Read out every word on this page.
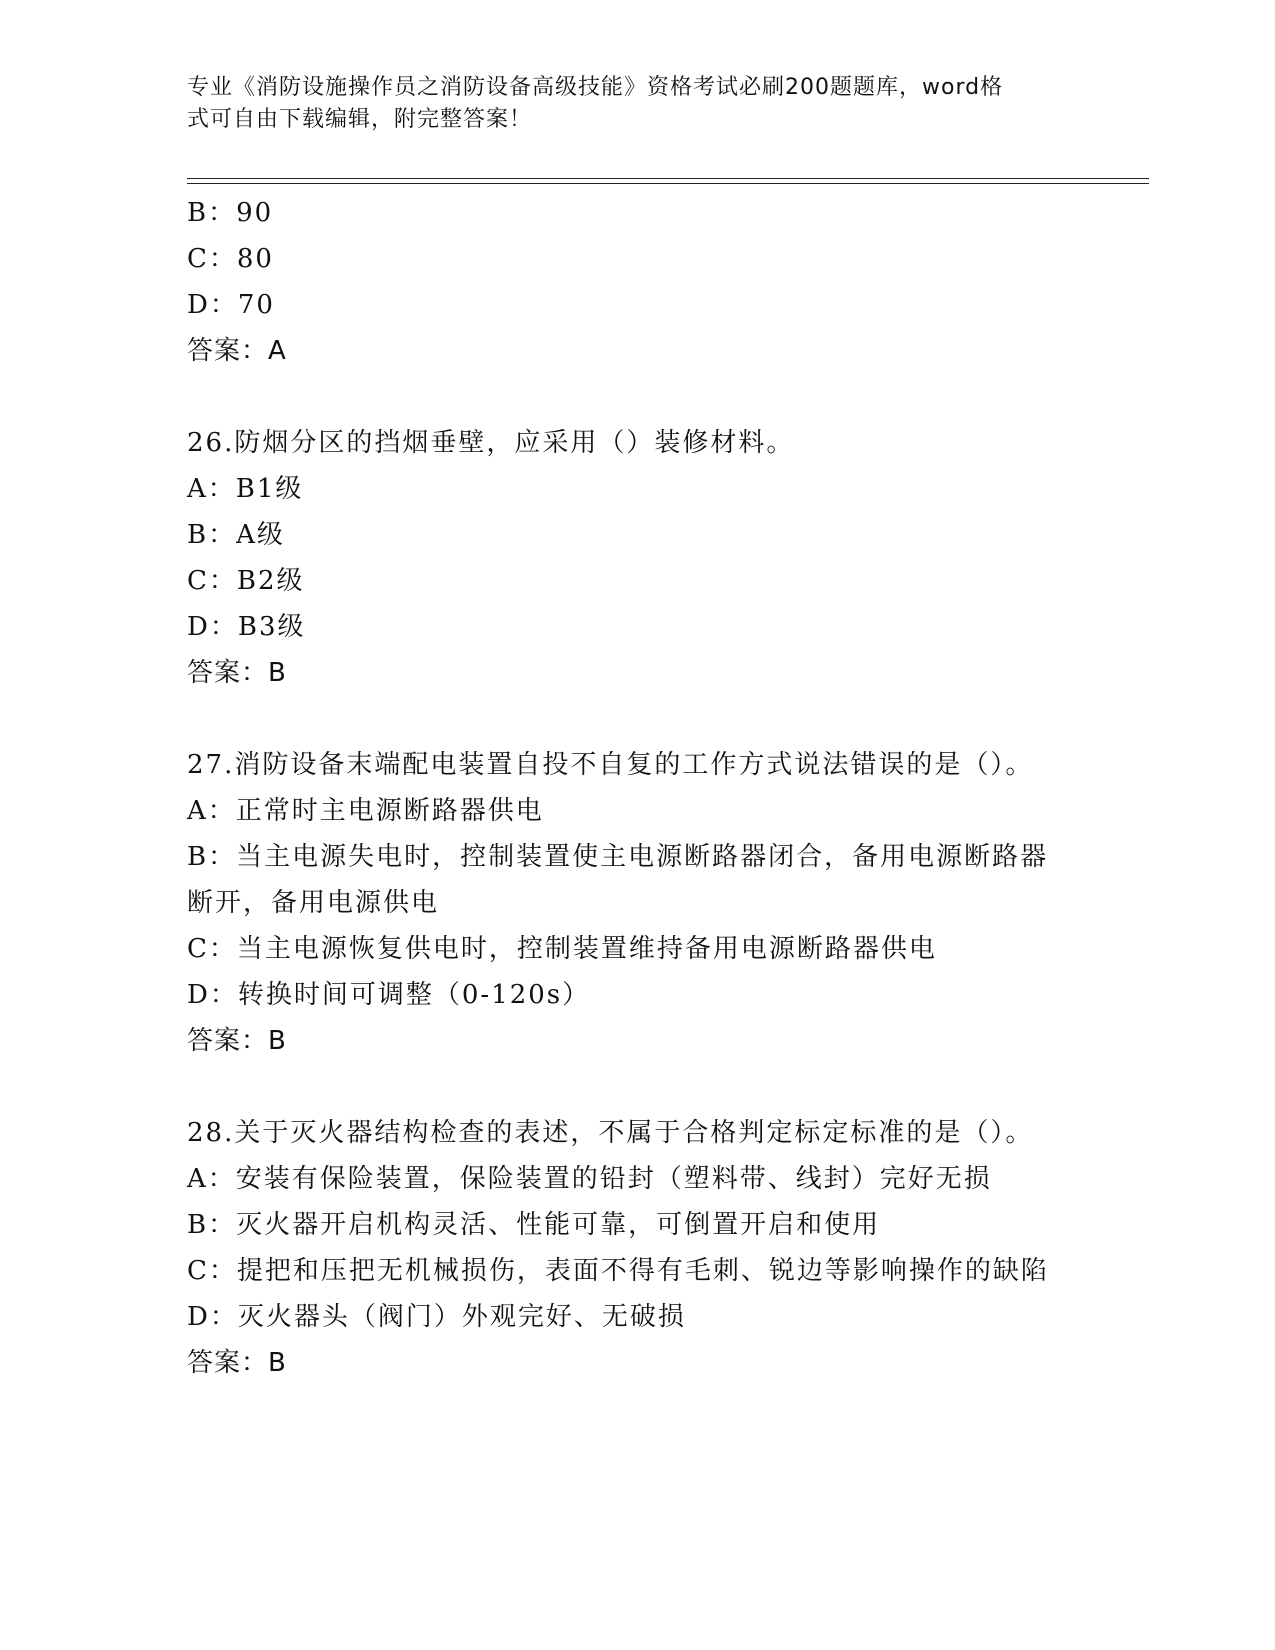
专业《消防设施操作员之消防设备高级技能》资格考试必刷200题题库，word格
式可自由下载编辑，附完整答案！
B：90
C：80
D：70
答案：A
26.防烟分区的挡烟垂壁，应采用（）装修材料。
A：B1级
B：A级
C：B2级
D：B3级
答案：B
27.消防设备末端配电装置自投不自复的工作方式说法错误的是（）。
A：正常时主电源断路器供电
B：当主电源失电时，控制装置使主电源断路器闭合，备用电源断路器
断开，备用电源供电
C：当主电源恢复供电时，控制装置维持备用电源断路器供电
D：转换时间可调整（0-120s）
答案：B
28.关于灭火器结构检查的表述，不属于合格判定标定标准的是（）。
A：安装有保险装置，保险装置的铅封（塑料带、线封）完好无损
B：灭火器开启机构灵活、性能可靠，可倒置开启和使用
C：提把和压把无机械损伤，表面不得有毛刺、锐边等影响操作的缺陷
D：灭火器头（阀门）外观完好、无破损
答案：B
